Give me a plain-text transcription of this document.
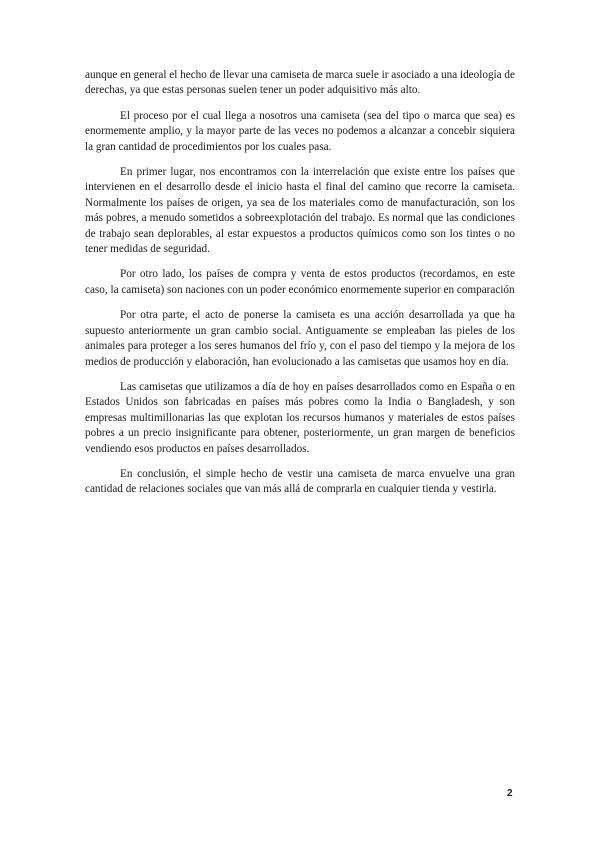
aunque en general el hecho de llevar una camiseta de marca suele ir asociado a una ideología de derechas, ya que estas personas suelen tener un poder adquisitivo más alto.

El proceso por el cual llega a nosotros una camiseta (sea del tipo o marca que sea) es enormemente amplio, y la mayor parte de las veces no podemos a alcanzar a concebir siquiera la gran cantidad de procedimientos por los cuales pasa.

En primer lugar, nos encontramos con la interrelación que existe entre los países que intervienen en el desarrollo desde el inicio hasta el final del camino que recorre la camiseta. Normalmente los países de origen, ya sea de los materiales como de manufacturación, son los más pobres, a menudo sometidos a sobreexplotación del trabajo. Es normal que las condiciones de trabajo sean deplorables, al estar expuestos a productos químicos como son los tintes o no tener medidas de seguridad.

Por otro lado, los países de compra y venta de estos productos (recordamos, en este caso, la camiseta) son naciones con un poder económico enormemente superior en comparación

Por otra parte, el acto de ponerse la camiseta es una acción desarrollada ya que ha supuesto anteriormente un gran cambio social. Antiguamente se empleaban las pieles de los animales para proteger a los seres humanos del frío y, con el paso del tiempo y la mejora de los medios de producción y elaboración, han evolucionado a las camisetas que usamos hoy en día.

Las camisetas que utilizamos a día de hoy en países desarrollados como en España o en Estados Unidos son fabricadas en países más pobres como la India o Bangladesh, y son empresas multimillonarias las que explotan los recursos humanos y materiales de estos países pobres a un precio insignificante para obtener, posteriormente, un gran margen de beneficios vendiendo esos productos en países desarrollados.

En conclusión, el simple hecho de vestir una camiseta de marca envuelve una gran cantidad de relaciones sociales que van más allá de comprarla en cualquier tienda y vestirla.

2
